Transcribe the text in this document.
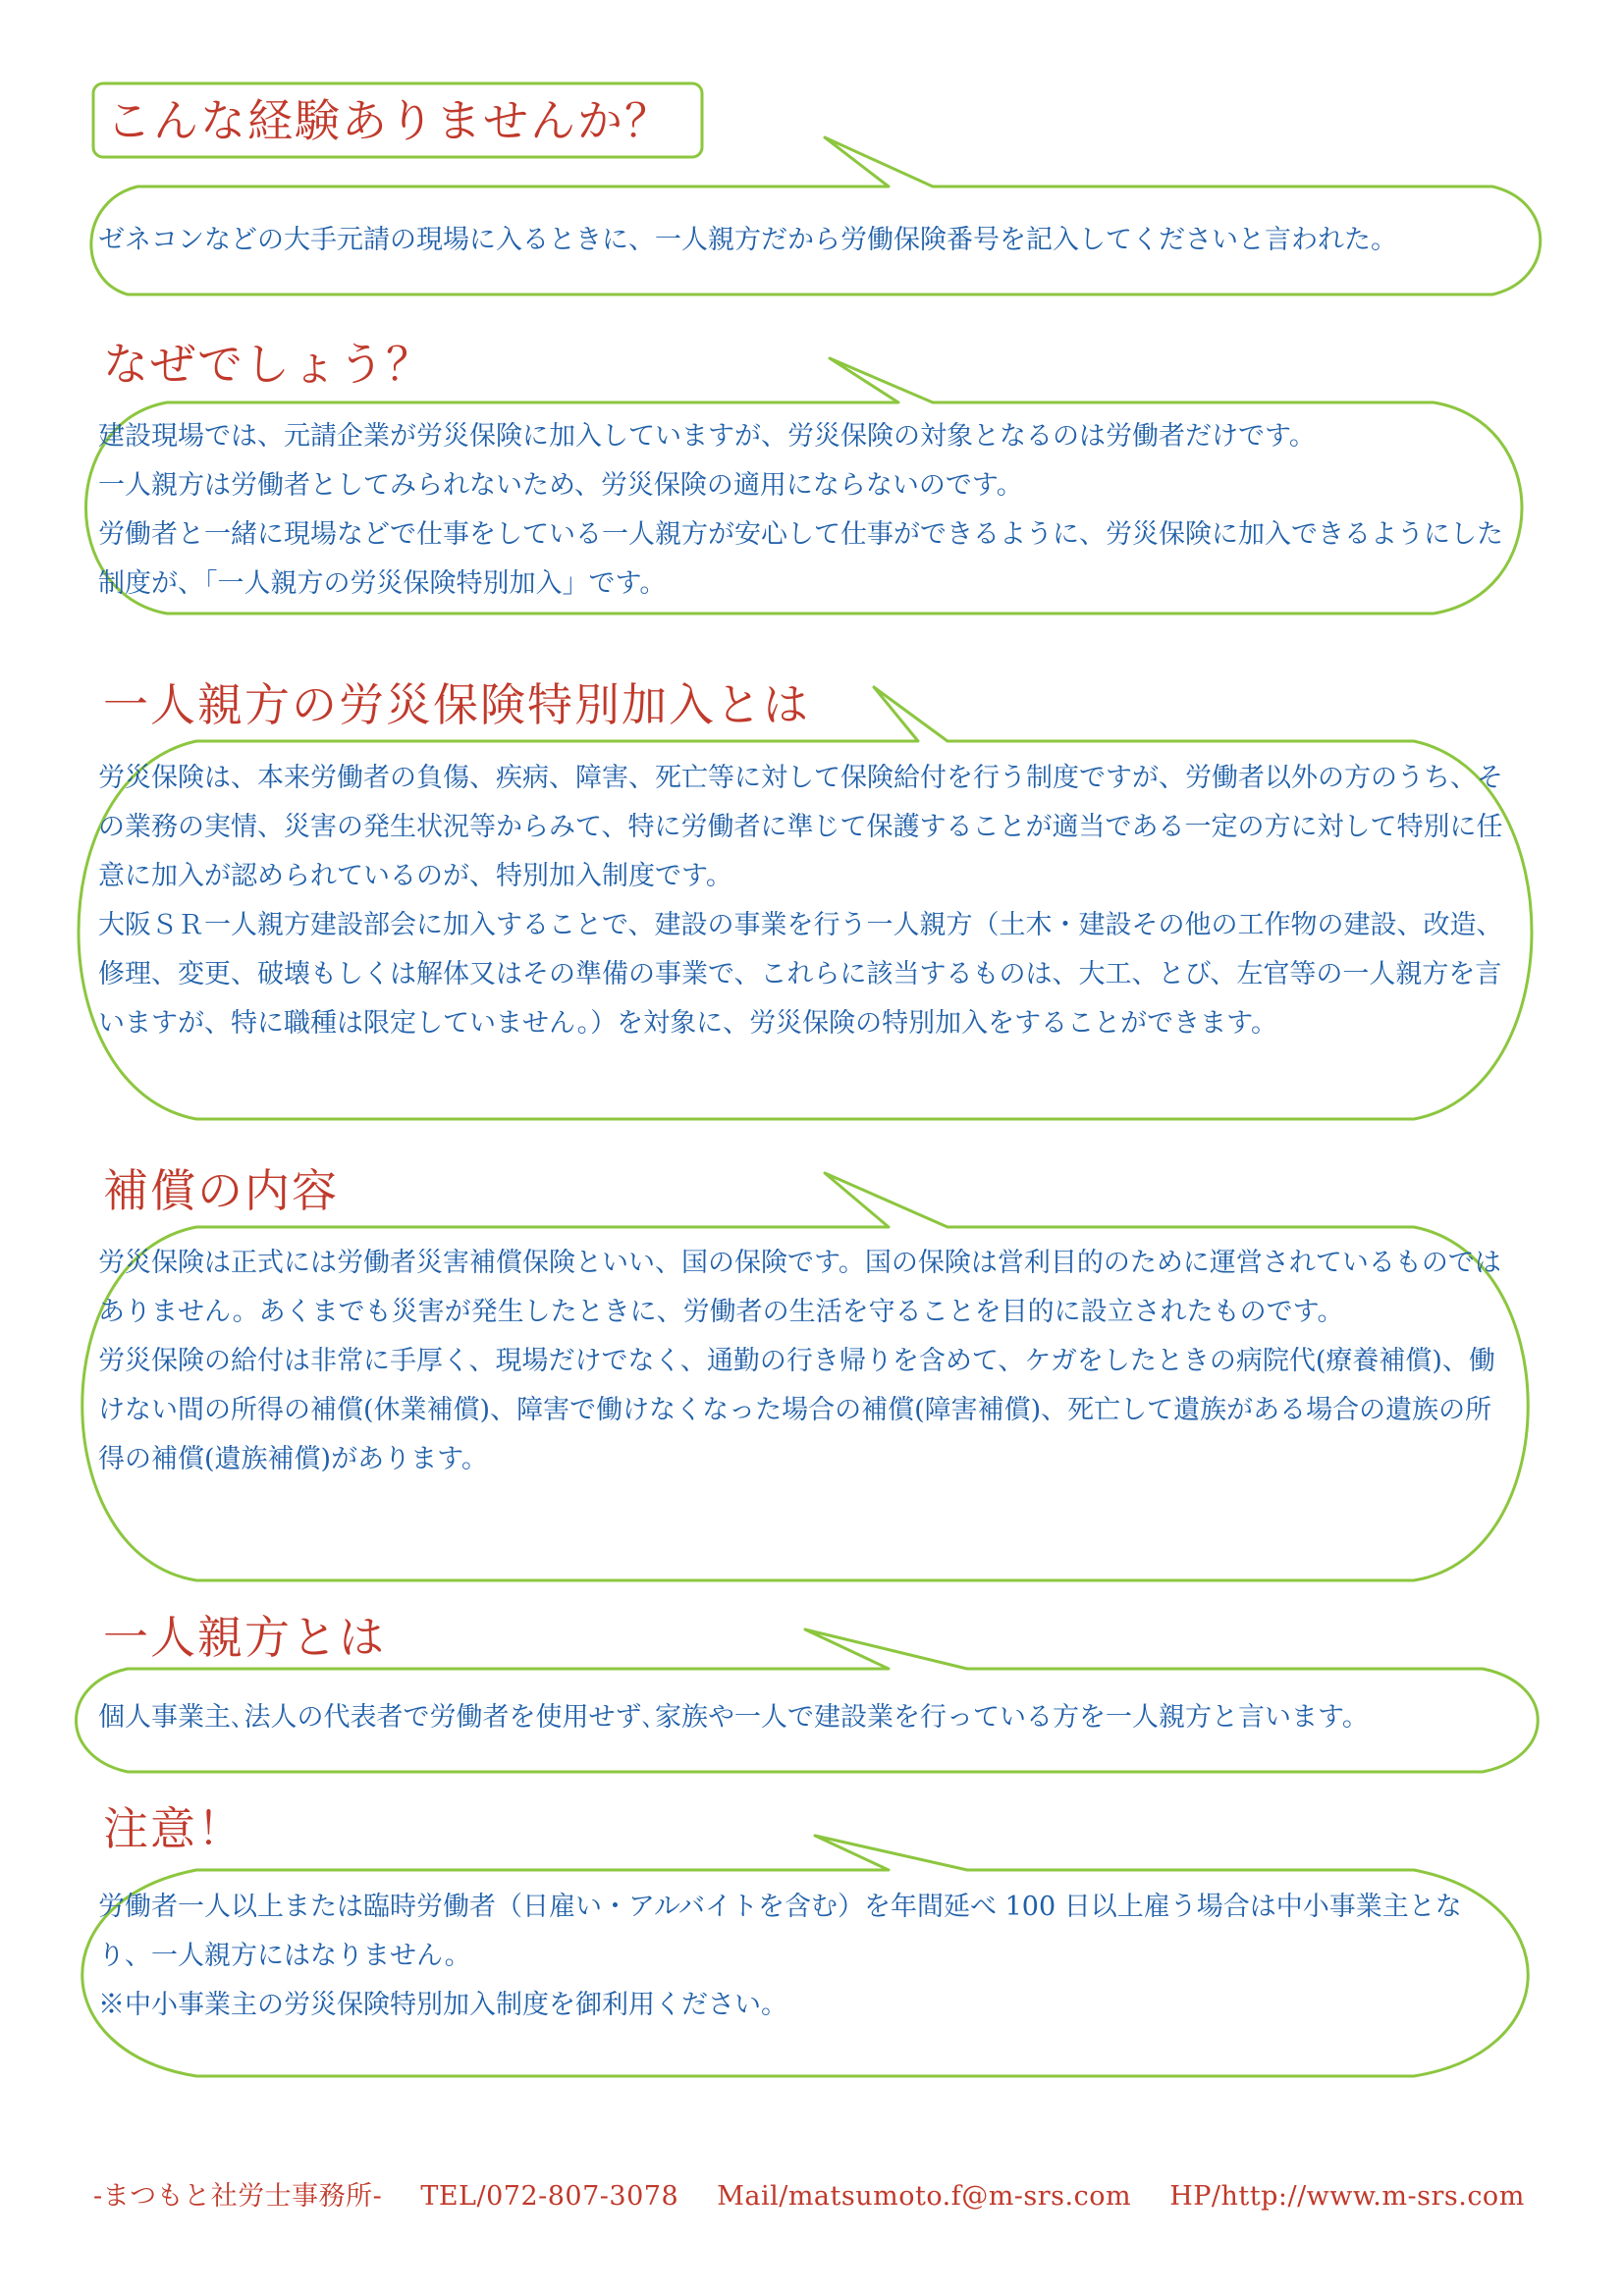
こんな経験ありませんか？

ゼネコンなどの大手元請の現場に入るときに、一人親方だから労働保険番号を記入してくださいと言われた。

なぜでしょう？

建設現場では、元請企業が労災保険に加入していますが、労災保険の対象となるのは労働者だけです。

一人親方は労働者としてみられないため、労災保険の適用にならないのです。

労働者と一緒に現場などで仕事をしている一人親方が安心して仕事ができるように、労災保険に加入できるようにした制度が、「一人親方の労災保険特別加入」です。

一人親方の労災保険特別加入とは

労災保険は、本来労働者の負傷、疾病、障害、死亡等に対して保険給付を行う制度ですが、労働者以外の方のうち、その業務の実情、災害の発生状況等からみて、特に労働者に準じて保護することが適当である一定の方に対して特別に任意に加入が認められているのが、特別加入制度です。

大阪ＳＲ一人親方建設部会に加入することで、建設の事業を行う一人親方（土木・建設その他の工作物の建設、改造、修理、変更、破壊もしくは解体又はその準備の事業で、これらに該当するものは、大工、とび、左官等の一人親方を言いますが、特に職種は限定していません。）を対象に、労災保険の特別加入をすることができます。

補償の内容

労災保険は正式には労働者災害補償保険といい、国の保険です。国の保険は営利目的のために運営されているものではありません。あくまでも災害が発生したときに、労働者の生活を守ることを目的に設立されたものです。

労災保険の給付は非常に手厚く、現場だけでなく、通勤の行き帰りを含めて、ケガをしたときの病院代(療養補償)、働けない間の所得の補償(休業補償)、障害で働けなくなった場合の補償(障害補償)、死亡して遺族がある場合の遺族の所得の補償(遺族補償)があります。

一人親方とは

個人事業主､法人の代表者で労働者を使用せず､家族や一人で建設業を行っている方を一人親方と言います。

注意！

労働者一人以上または臨時労働者（日雇い・アルバイトを含む）を年間延べ 100 日以上雇う場合は中小事業主となり、一人親方にはなりません。

※中小事業主の労災保険特別加入制度を御利用ください。

-まつもと社労士事務所- TEL/072-807-3078 Mail/matsumoto.f@m-srs.com HP/http://www.m-srs.com
